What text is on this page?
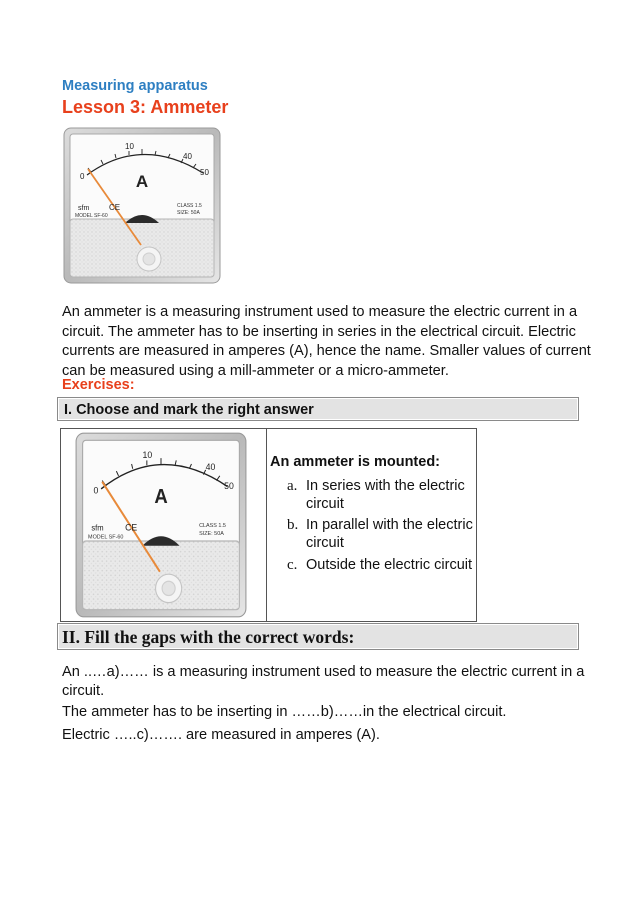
Measuring apparatus
Lesson 3: Ammeter
0
10
40
50
A
sfm CE
MODEL SF-60
CLASS 1.5
SIZE: 50A

An ammeter is a measuring instrument used to measure the electric current in a circuit. The ammeter has to be inserting in series in the electrical circuit. Electric currents are measured in amperes (A), hence the name. Smaller values of current can be measured using a mill-ammeter or a micro-ammeter.

Exercises:
I. Choose and mark the right answer
0
10
40
50
A
sfm	CE
MODEL SF-60
CLASS 1.5
SIZE: 50A
An ammeter is mounted:
a. In series with the electric circuit
b. In parallel with the electric circuit
c. Outside the electric circuit
II. Fill the gaps with the correct words:

An ..…a)…… is a measuring instrument used to measure the electric current in a circuit.

The ammeter has to be inserting in ……b)……in the electrical circuit.

Electric …..c)……. are measured in amperes (A).
